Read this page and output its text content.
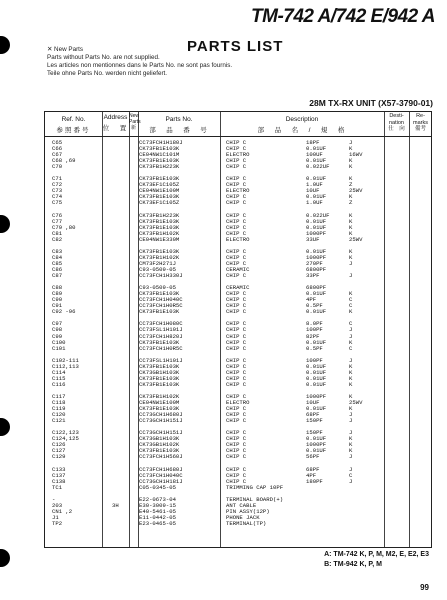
TM-742 A/742 E/942 A
PARTS LIST
✕ New Parts
Parts without Parts No. are not supplied.
Les articles non mentionnes dans le Parts No. ne sont pas fournis.
Teile ohne Parts No. werden nicht geliefert.
28M TX-RX UNIT (X57-3790-01)
Ref. No.
参照番号
Address
位　置
New
Parts
新
Parts No.
部　品　番　号
Description
部　品　名　/　規　格
Desti-
nation
仕　向
Re-
marks
備考
C65	CC73FCH1H180J	CHIP C	18PF	J
C66	CK73FB1E103K	CHIP C	0.01UF	K
C67	CE04NW1C101M	ELECTRO	100UF	16WV
C68 ,69	CK73FB1E103K	CHIP C	0.01UF	K
C70	CK73FB1H223K	CHIP C	0.022UF	K
C71	CK73FB1E103K	CHIP C	0.01UF	K
C72	CK73EF1C105Z	CHIP C	1.0UF	Z
C73	CE04NW1E100M	ELECTRO	10UF	25WV
C74	CK73FB1E103K	CHIP C	0.01UF	K
C75	CK73EF1C105Z	CHIP C	1.0UF	Z
C76	CK73FB1H223K	CHIP C	0.022UF	K
C77	CK73FB1E103K	CHIP C	0.01UF	K
C79 ,80	CK73FB1E103K	CHIP C	0.01UF	K
C81	CK73FB1H102K	CHIP C	1000PF	K
C82	CE04NW1E330M	ELECTRO	33UF	25WV
C83	CK73FB1E103K	CHIP C	0.01UF	K
C84	CK73FB1H102K	CHIP C	1000PF	K
C85	CM73F2H271J	CHIP C	270PF	J
C86	C93-0509-05	CERAMIC	6800PF
C87	CC73FCH1H330J	CHIP C	33PF	J
C88	C93-0509-05	CERAMIC	6800PF
C89	CK73FB1E103K	CHIP C	0.01UF	K
C90	CC73FCH1H040C	CHIP C	4PF	C
C91	CC73FCH1H0R5C	CHIP C	0.5PF	C
C92 -96	CK73FB1E103K	CHIP C	0.01UF	K
C97	CC73FCH1H080C	CHIP C	8.0PF	C
C98	CC73FSL1H101J	CHIP C	100PF	J
C99	CC73FCH1H820J	CHIP C	82PF	J
C100	CK73FB1E103K	CHIP C	0.01UF	K
C101	CC73FCH1H0R5C	CHIP C	0.5PF	C
C102-111	CC73FSL1H101J	CHIP C	100PF	J
C112,113	CK73FB1E103K	CHIP C	0.01UF	K
C114	CK73GB1H103K	CHIP C	0.01UF	K
C115	CK73FB1E103K	CHIP C	0.01UF	K
C116	CK73FB1E103K	CHIP C	0.01UF	K
C117	CK73FB1H102K	CHIP C	1000PF	K
C118	CE04NW1E100M	ELECTRO	10UF	25WV
C119	CK73FB1E103K	CHIP C	0.01UF	K
C120	CC73GCH1H680J	CHIP C	68PF	J
C121	CC73GCH1H151J	CHIP C	150PF	J
C122,123	CC73GCH1H151J	CHIP C	150PF	J
C124,125	CK73GB1H103K	CHIP C	0.01UF	K
C126	CK73GB1H102K	CHIP C	1000PF	K
C127	CK73FB1E103K	CHIP C	0.01UF	K
C129	CC73FCH1H560J	CHIP C	56PF	J
C133	CC73FCH1H680J	CHIP C	68PF	J
C137	CC73FCH1H040C	CHIP C	4PF	C
C138	CC73GCH1H181J	CHIP C	180PF	J
TC1	C05-0345-05	TRIMMING CAP 10PF
-	E22-0673-04	TERMINAL BOARD(+)
203	3H	E30-3009-15	ANT CABLE
CN1 ,2	E40-5461-05	PIN ASSY(12P)
J1	E11-0442-05	PHONE JACK
TP2	E23-0465-05	TERMINAL(TP)
A: TM-742 K, P, M, M2, E, E2, E3
B: TM-942 K, P, M
99
